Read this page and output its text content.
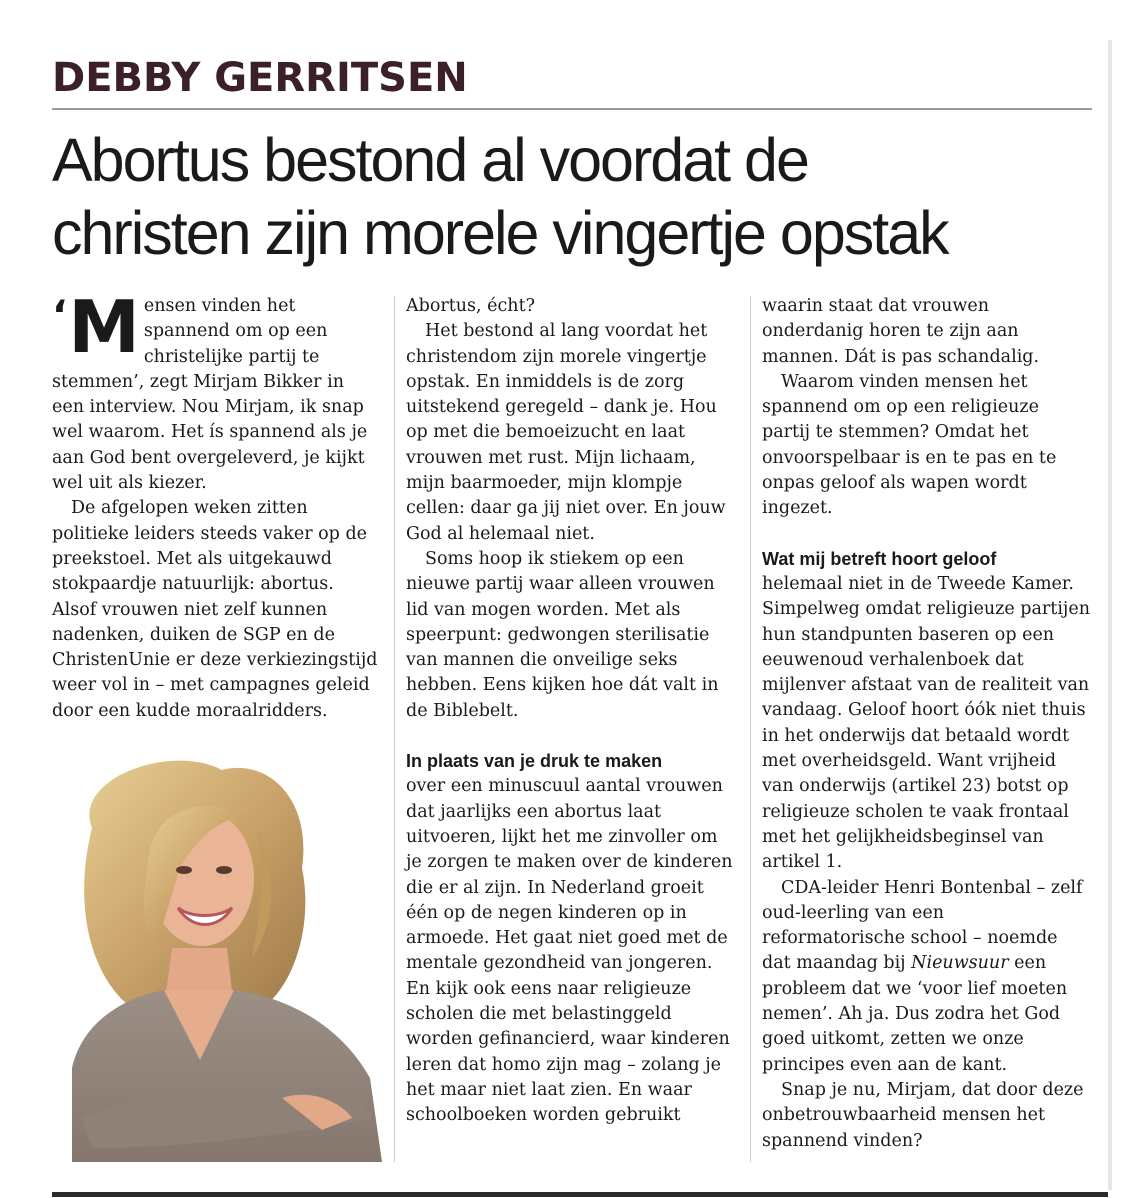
DEBBY GERRITSEN
Abortus bestond al voordat de
christen zijn morele vingertje opstak

‘M ensen vinden het spannend om op een christelijke partij te stemmen’, zegt Mirjam Bikker in een interview. Nou Mirjam, ik snap wel waarom. Het ís spannend als je aan God bent overgeleverd, je kijkt wel uit als kiezer.

De afgelopen weken zitten politieke leiders steeds vaker op de preekstoel. Met als uitgekauwd stokpaardje natuurlijk: abortus. Alsof vrouwen niet zelf kunnen nadenken, duiken de SGP en de ChristenUnie er deze verkiezingstijd weer vol in – met campagnes geleid door een kudde moraalridders.

Abortus, écht?

Het bestond al lang voordat het christendom zijn morele vingertje opstak. En inmiddels is de zorg uitstekend geregeld – dank je. Hou op met die bemoeizucht en laat vrouwen met rust. Mijn lichaam, mijn baarmoeder, mijn klompje cellen: daar ga jij niet over. En jouw God al helemaal niet.

Soms hoop ik stiekem op een nieuwe partij waar alleen vrouwen lid van mogen worden. Met als speerpunt: gedwongen sterilisatie van mannen die onveilige seks hebben. Eens kijken hoe dát valt in de Biblebelt.

In plaats van je druk te maken

over een minuscuul aantal vrouwen dat jaarlijks een abortus laat uitvoeren, lijkt het me zinvoller om je zorgen te maken over de kinderen die er al zijn. In Nederland groeit één op de negen kinderen op in armoede. Het gaat niet goed met de mentale gezondheid van jongeren. En kijk ook eens naar religieuze scholen die met belastinggeld worden gefinancierd, waar kinderen leren dat homo zijn mag – zolang je het maar niet laat zien. En waar schoolboeken worden gebruikt

waarin staat dat vrouwen onderdanig horen te zijn aan mannen. Dát is pas schandalig.

Waarom vinden mensen het spannend om op een religieuze partij te stemmen? Omdat het onvoorspelbaar is en te pas en te onpas geloof als wapen wordt ingezet.

Wat mij betreft hoort geloof

helemaal niet in de Tweede Kamer. Simpelweg omdat religieuze partijen hun standpunten baseren op een eeuwenoud verhalenboek dat mijlenver afstaat van de realiteit van vandaag. Geloof hoort óók niet thuis in het onderwijs dat betaald wordt met overheidsgeld. Want vrijheid van onderwijs (artikel 23) botst op religieuze scholen te vaak frontaal met het gelijkheidsbeginsel van artikel 1.

CDA-leider Henri Bontenbal – zelf oud-leerling van een reformatorische school – noemde dat maandag bij Nieuwsuur een probleem dat we ‘voor lief moeten nemen’. Ah ja. Dus zodra het God goed uitkomt, zetten we onze principes even aan de kant.

Snap je nu, Mirjam, dat door deze onbetrouwbaarheid mensen het spannend vinden?
